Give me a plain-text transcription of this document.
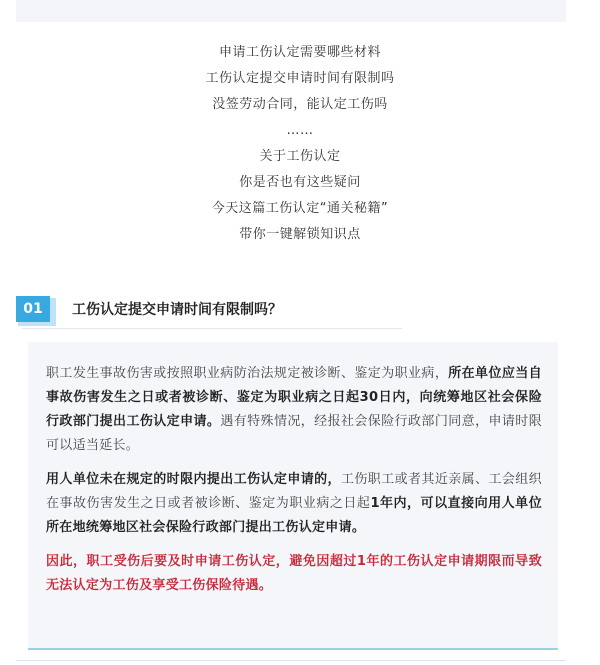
申请工伤认定需要哪些材料
工伤认定提交申请时间有限制吗
没签劳动合同，能认定工伤吗
……
关于工伤认定
你是否也有这些疑问
今天这篇工伤认定“通关秘籍”
带你一键解锁知识点
01	工伤认定提交申请时间有限制吗？
职工发生事故伤害或按照职业病防治法规定被诊断、鉴定为职业病，所在单位应当自事故伤害发生之日或者被诊断、鉴定为职业病之日起30日内，向统筹地区社会保险行政部门提出工伤认定申请。遇有特殊情况，经报社会保险行政部门同意，申请时限可以适当延长。
用人单位未在规定的时限内提出工伤认定申请的，工伤职工或者其近亲属、工会组织在事故伤害发生之日或者被诊断、鉴定为职业病之日起1年内，可以直接向用人单位所在地统筹地区社会保险行政部门提出工伤认定申请。
因此，职工受伤后要及时申请工伤认定，避免因超过1年的工伤认定申请期限而导致无法认定为工伤及享受工伤保险待遇。
